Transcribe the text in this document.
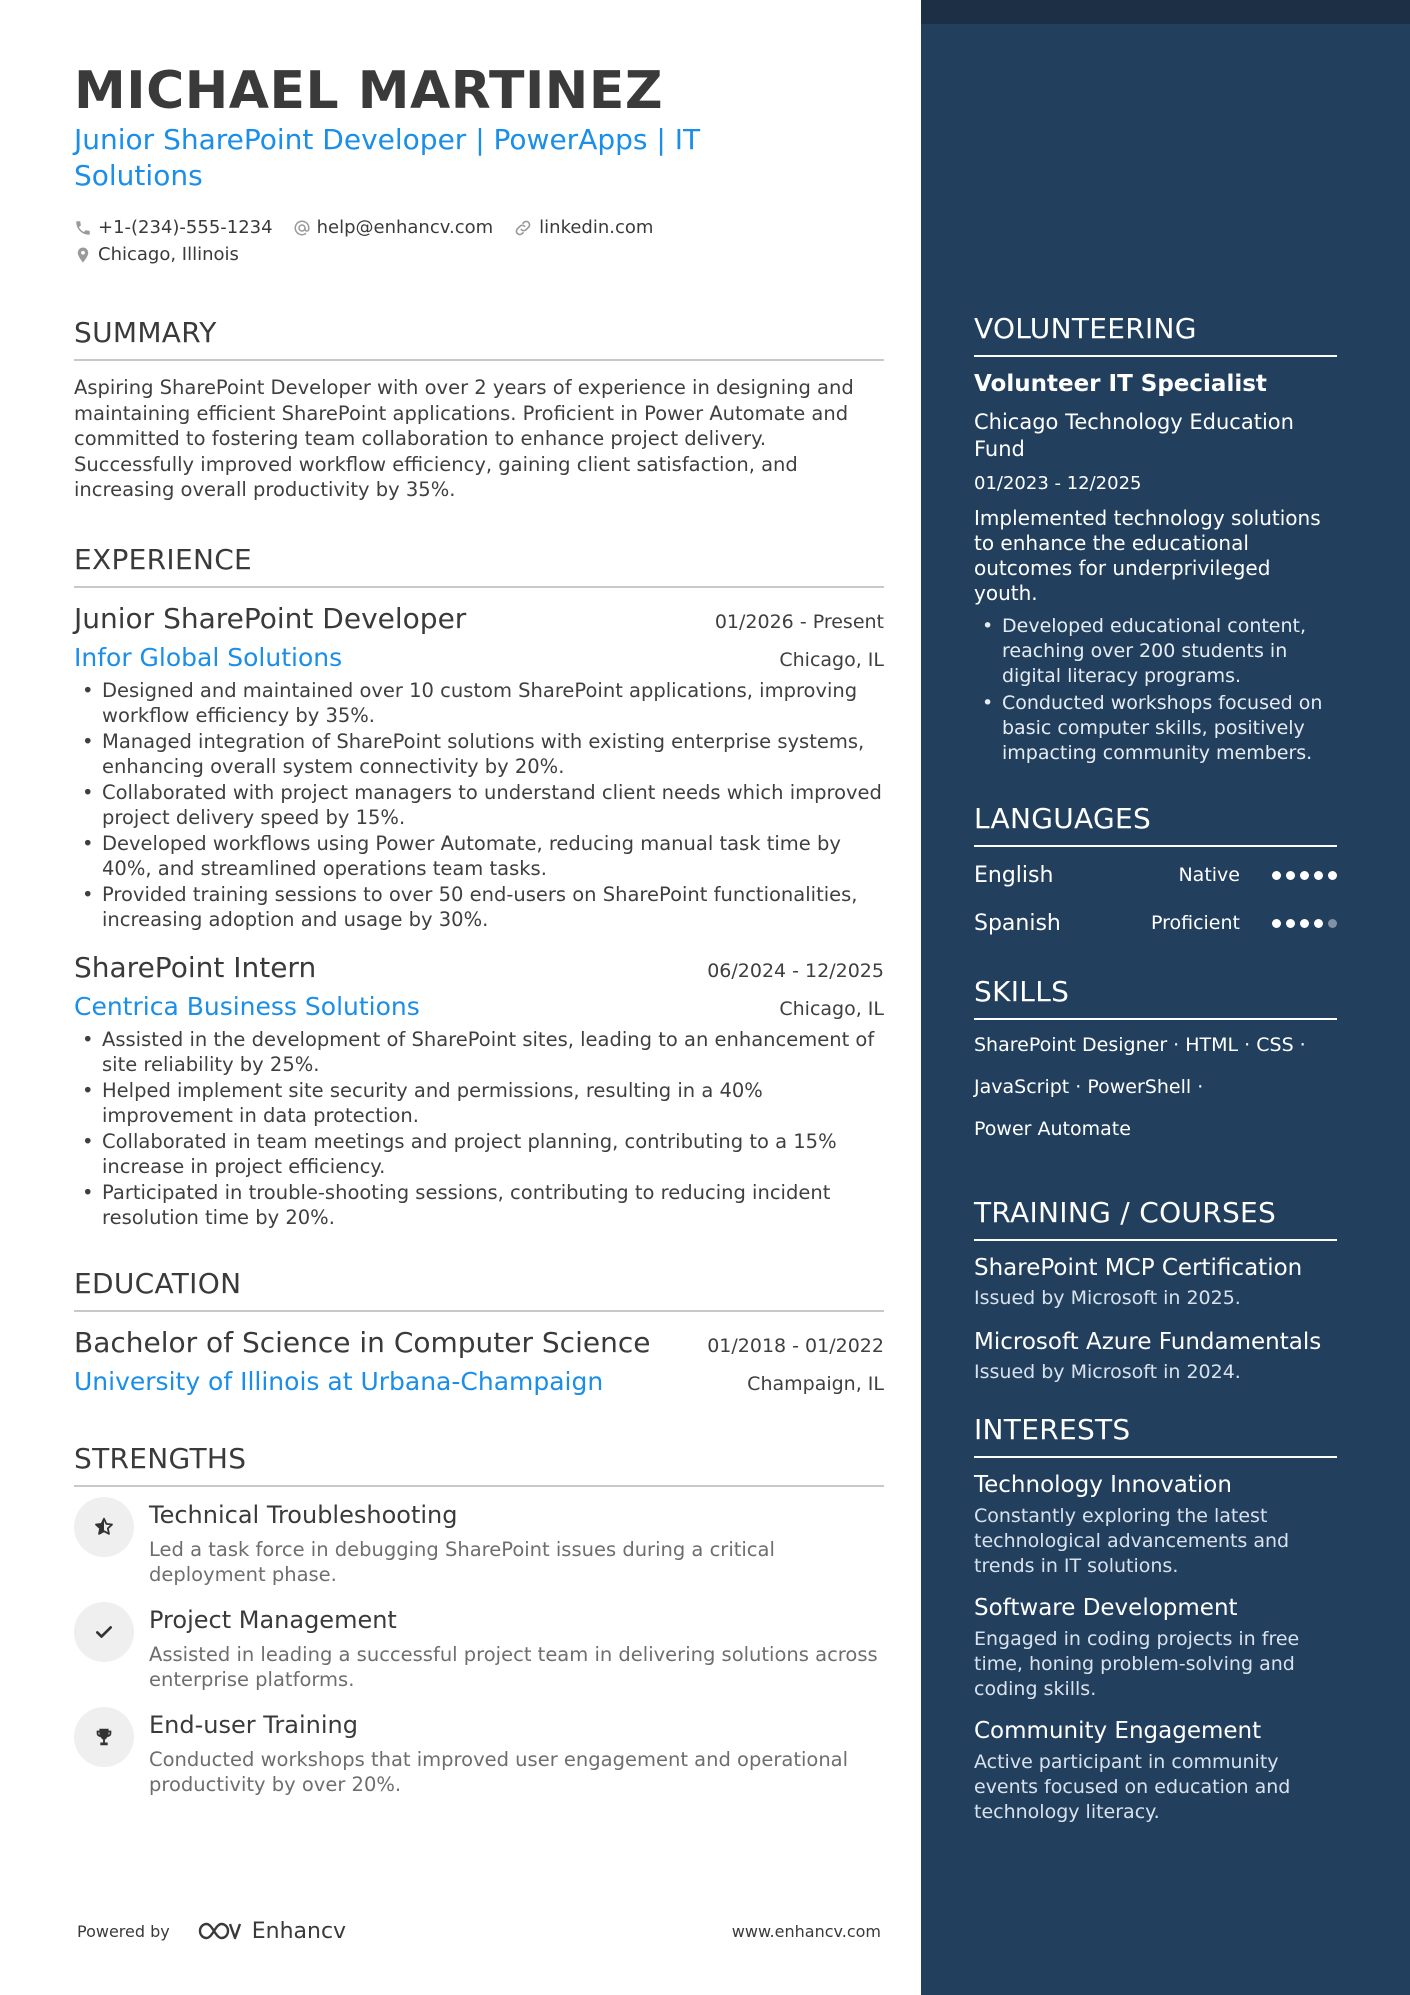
MICHAEL MARTINEZ
Junior SharePoint Developer | PowerApps | IT Solutions
+1-(234)-555-1234 help@enhancv.com	linkedin.com
Chicago, Illinois
SUMMARY
Aspiring SharePoint Developer with over 2 years of experience in designing and maintaining efficient SharePoint applications. Proficient in Power Automate and committed to fostering team collaboration to enhance project delivery. Successfully improved workflow efficiency, gaining client satisfaction, and increasing overall productivity by 35%.
EXPERIENCE
Junior SharePoint Developer	01/2026 - Present
Infor Global Solutions	Chicago, IL
• Designed and maintained over 10 custom SharePoint applications, improving workflow efficiency by 35%.
• Managed integration of SharePoint solutions with existing enterprise systems, enhancing overall system connectivity by 20%.
• Collaborated with project managers to understand client needs which improved project delivery speed by 15%.
• Developed workflows using Power Automate, reducing manual task time by 40%, and streamlined operations team tasks.
• Provided training sessions to over 50 end-users on SharePoint functionalities, increasing adoption and usage by 30%.
SharePoint Intern	06/2024 - 12/2025
Centrica Business Solutions	Chicago, IL
• Assisted in the development of SharePoint sites, leading to an enhancement of site reliability by 25%.
• Helped implement site security and permissions, resulting in a 40% improvement in data protection.
• Collaborated in team meetings and project planning, contributing to a 15% increase in project efficiency.
• Participated in trouble-shooting sessions, contributing to reducing incident resolution time by 20%.
EDUCATION
Bachelor of Science in Computer Science	01/2018 - 01/2022
University of Illinois at Urbana-Champaign	Champaign, IL
STRENGTHS
Technical Troubleshooting
Led a task force in debugging SharePoint issues during a critical deployment phase.
Project Management
Assisted in leading a successful project team in delivering solutions across enterprise platforms.
End-user Training
Conducted workshops that improved user engagement and operational productivity by over 20%.
Powered by	Enhancv	www.enhancv.com
VOLUNTEERING
Volunteer IT Specialist
Chicago Technology Education Fund
01/2023 - 12/2025
Implemented technology solutions to enhance the educational outcomes for underprivileged youth.
• Developed educational content, reaching over 200 students in digital literacy programs.
• Conducted workshops focused on basic computer skills, positively impacting community members.
LANGUAGES
English	Native
Spanish	Proficient
SKILLS
SharePoint Designer · HTML · CSS ·
JavaScript · PowerShell ·
Power Automate
TRAINING / COURSES
SharePoint MCP Certification
Issued by Microsoft in 2025.
Microsoft Azure Fundamentals
Issued by Microsoft in 2024.
INTERESTS
Technology Innovation
Constantly exploring the latest technological advancements and trends in IT solutions.
Software Development
Engaged in coding projects in free time, honing problem-solving and coding skills.
Community Engagement
Active participant in community events focused on education and technology literacy.
